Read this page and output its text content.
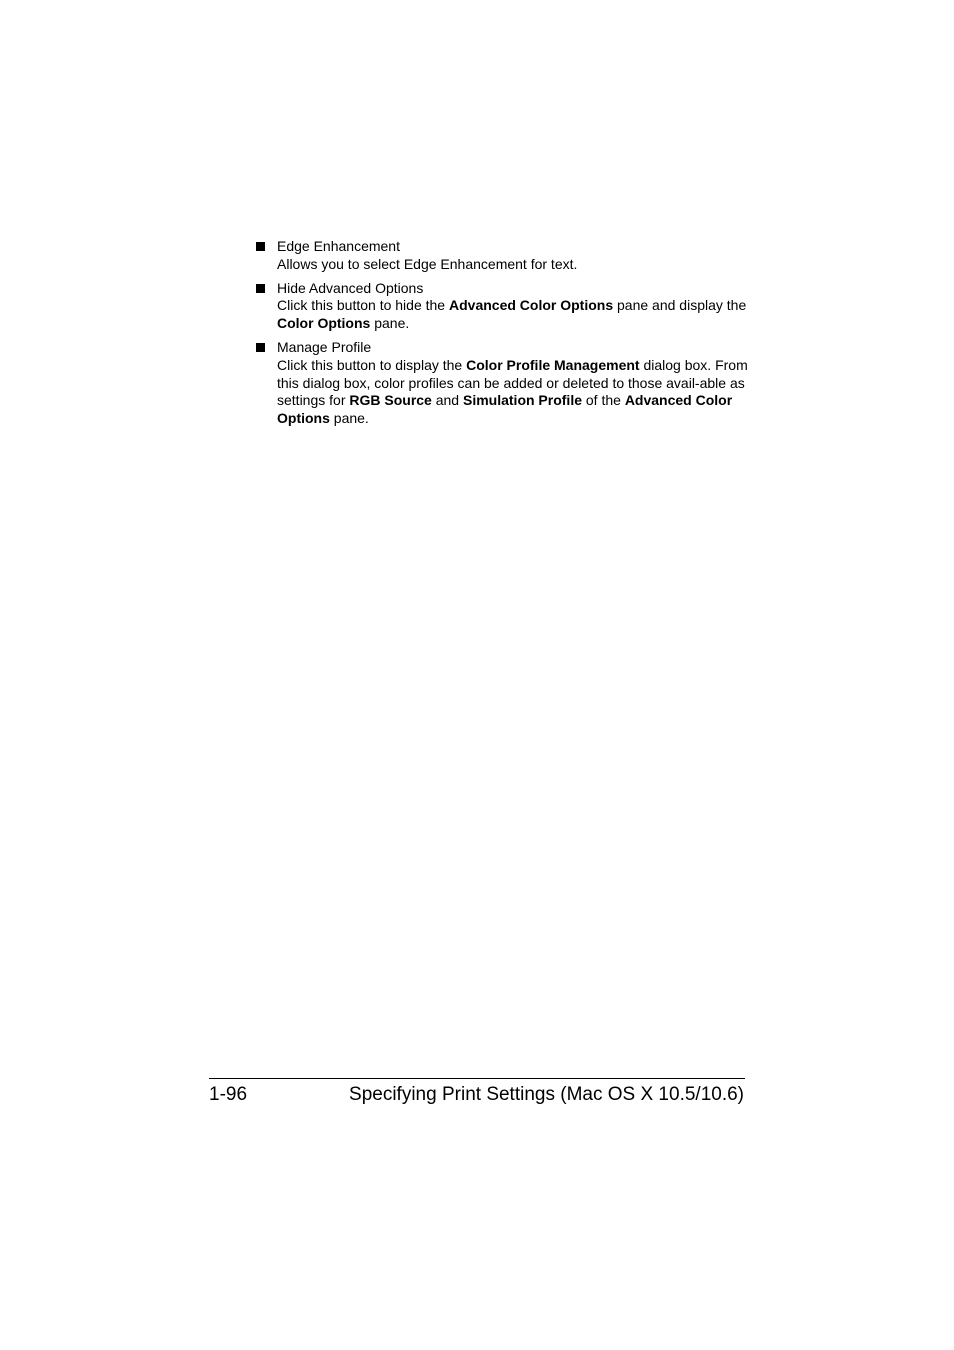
Edge Enhancement
Allows you to select Edge Enhancement for text.
Hide Advanced Options
Click this button to hide the Advanced Color Options pane and display the Color Options pane.
Manage Profile
Click this button to display the Color Profile Management dialog box. From this dialog box, color profiles can be added or deleted to those avail-able as settings for RGB Source and Simulation Profile of the Advanced Color Options pane.
1-96	Specifying Print Settings (Mac OS X 10.5/10.6)
